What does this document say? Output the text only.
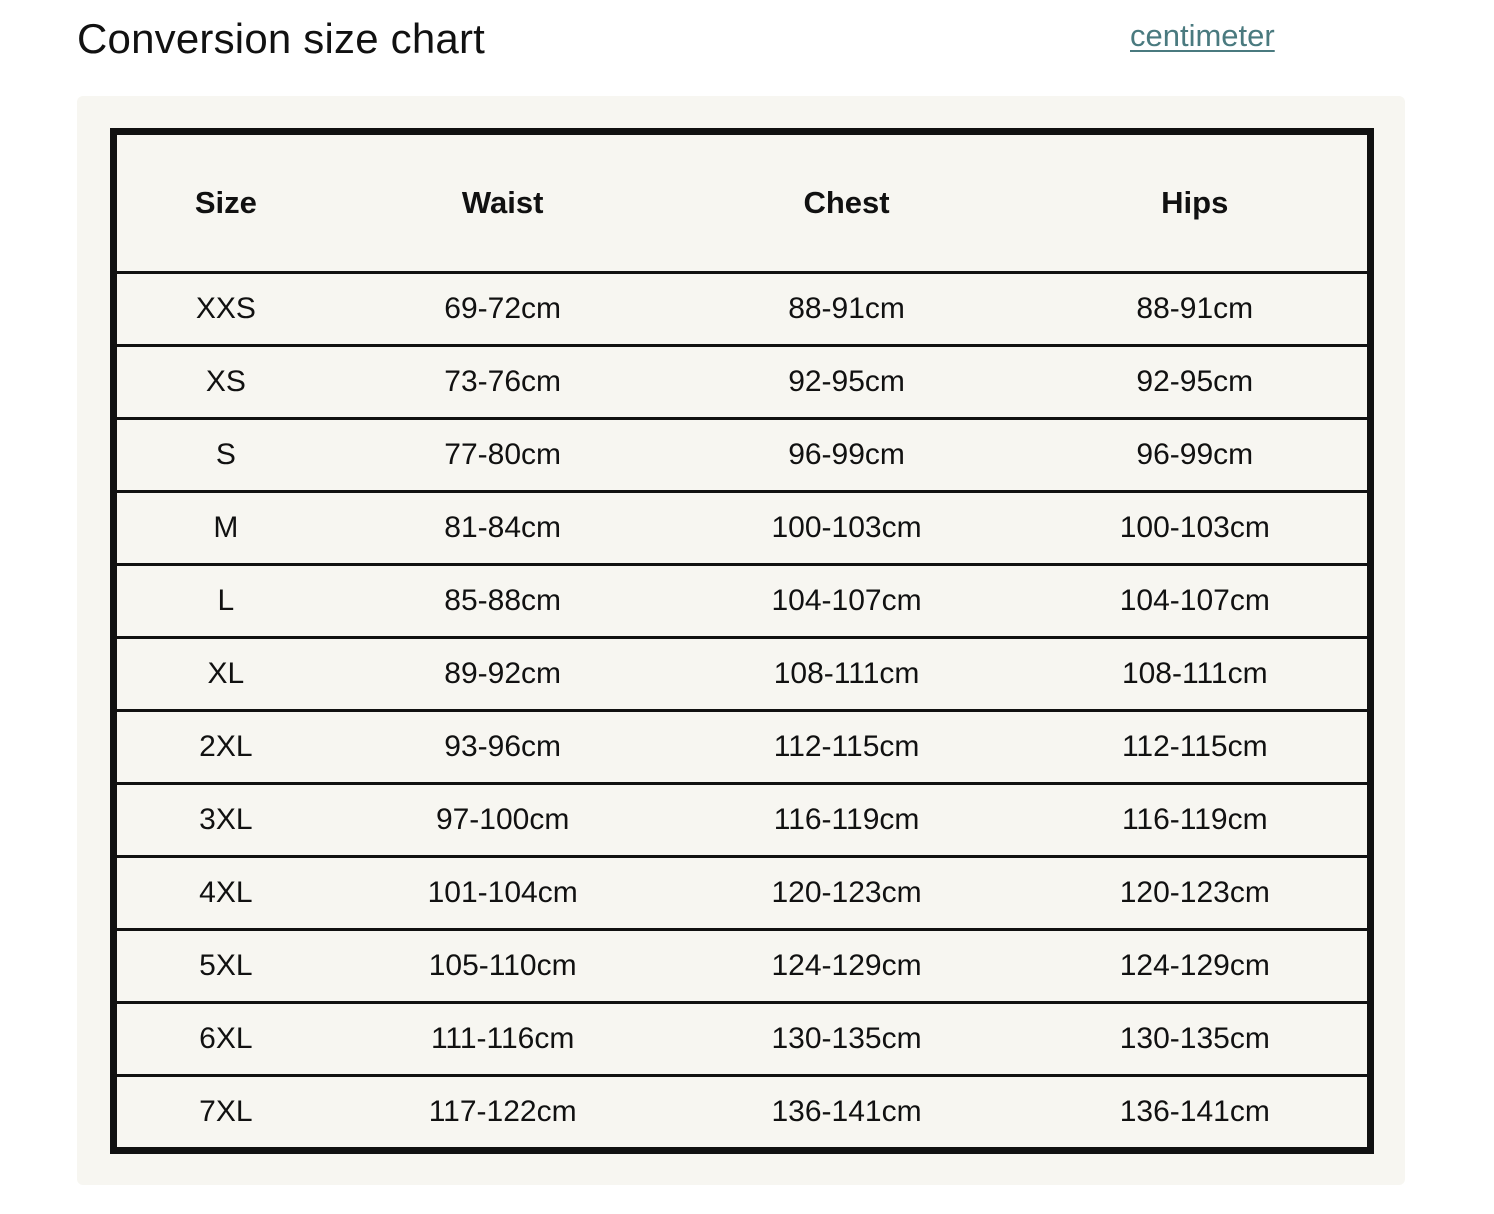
Conversion size chart	centimeter
Size	Waist	Chest	Hips
XXS	69-72cm	88-91cm	88-91cm
XS	73-76cm	92-95cm	92-95cm
S	77-80cm	96-99cm	96-99cm
M	81-84cm	100-103cm	100-103cm
L	85-88cm	104-107cm	104-107cm
XL	89-92cm	108-111cm	108-111cm
2XL	93-96cm	112-115cm	112-115cm
3XL	97-100cm	116-119cm	116-119cm
4XL	101-104cm	120-123cm	120-123cm
5XL	105-110cm	124-129cm	124-129cm
6XL	111-116cm	130-135cm	130-135cm
7XL	117-122cm	136-141cm	136-141cm
